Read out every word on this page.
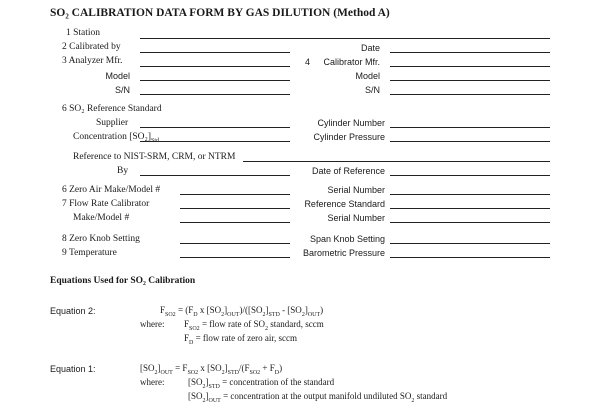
SO₂ CALIBRATION DATA FORM BY GAS DILUTION (Method A)
1 Station
2 Calibrated by	Date
3 Analyzer Mfr.	4	Calibrator Mfr.
Model	Model
S/N	S/N
6 SO₂ Reference Standard
Supplier	Cylinder Number
Concentration $[SO_2]_{Std}$	Cylinder Pressure
Reference to NIST-SRM, CRM, or NTRM
By	Date of Reference
6 Zero Air Make/Model #	Serial Number
7 Flow Rate Calibrator	Reference Standard
Make/Model #	Serial Number
8 Zero Knob Setting	Span Knob Setting
9 Temperature	Barometric Pressure
Equations Used for SO₂ Calibration
Equation 2:	$F_{SO2} = (F_D$ x $[SO_2]_{OUT})/([SO_2]_{STD} - [SO_2]_{OUT})$
where: $F_{SO2}$ = flow rate of $SO_2$ standard, sccm
$F_D$ = flow rate of zero air, sccm
Equation 1:	$[SO_2]_{OUT} = F_{SO2}$ x $[SO_2]_{STD}/(F_{SO2} + F_D)$
where:	$[SO_2]_{STD}$ = concentration of the standard
$[SO_2]_{OUT}$ = concentration at the output manifold undiluted $SO_2$ standard
